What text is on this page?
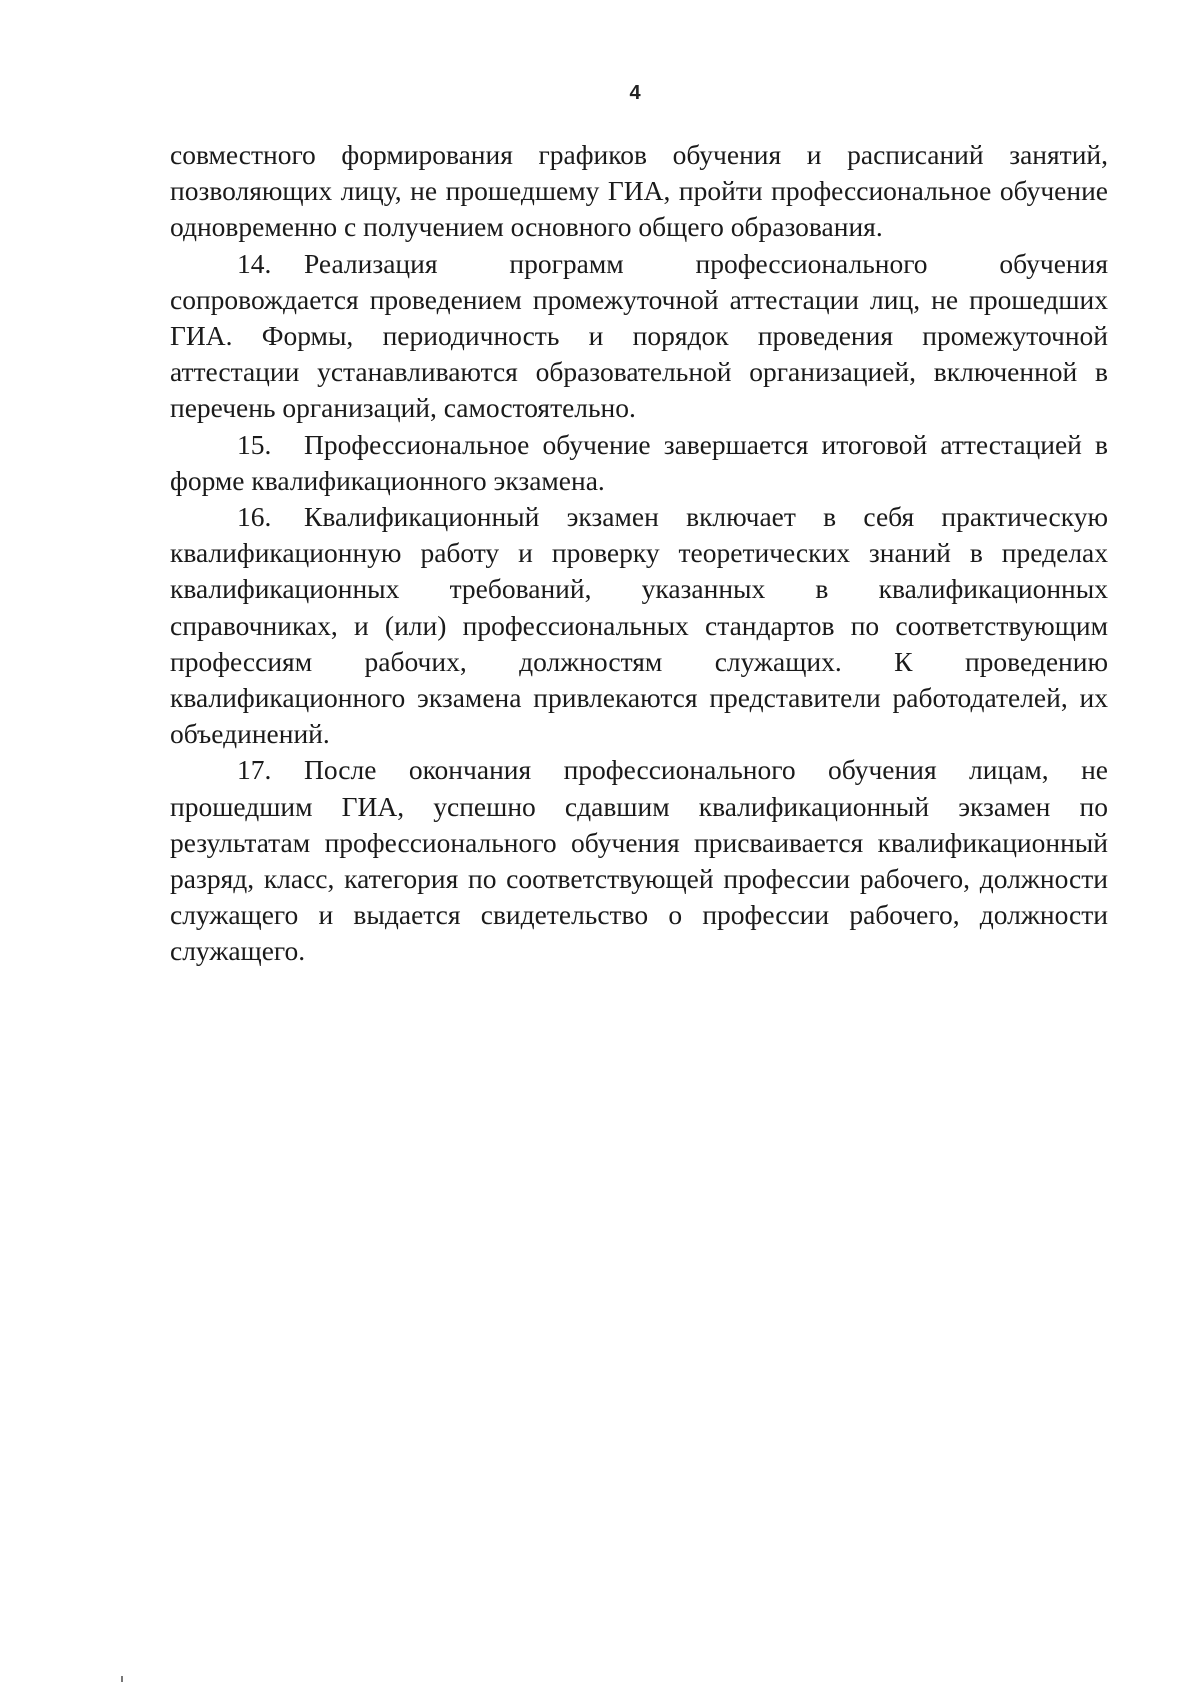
4

совместного формирования графиков обучения и расписаний занятий, позволяющих лицу, не прошедшему ГИА, пройти профессиональное обучение одновременно с получением основного общего образования.

14. Реализация программ профессионального обучения сопровождается проведением промежуточной аттестации лиц, не прошедших ГИА. Формы, периодичность и порядок проведения промежуточной аттестации устанавливаются образовательной организацией, включенной в перечень организаций, самостоятельно.

15. Профессиональное обучение завершается итоговой аттестацией в форме квалификационного экзамена.

16. Квалификационный экзамен включает в себя практическую квалификационную работу и проверку теоретических знаний в пределах квалификационных требований, указанных в квалификационных справочниках, и (или) профессиональных стандартов по соответствующим профессиям рабочих, должностям служащих. К проведению квалификационного экзамена привлекаются представители работодателей, их объединений.

17. После окончания профессионального обучения лицам, не прошедшим ГИА, успешно сдавшим квалификационный экзамен по результатам профессионального обучения присваивается квалификационный разряд, класс, категория по соответствующей профессии рабочего, должности служащего и выдается свидетельство о профессии рабочего, должности служащего.
